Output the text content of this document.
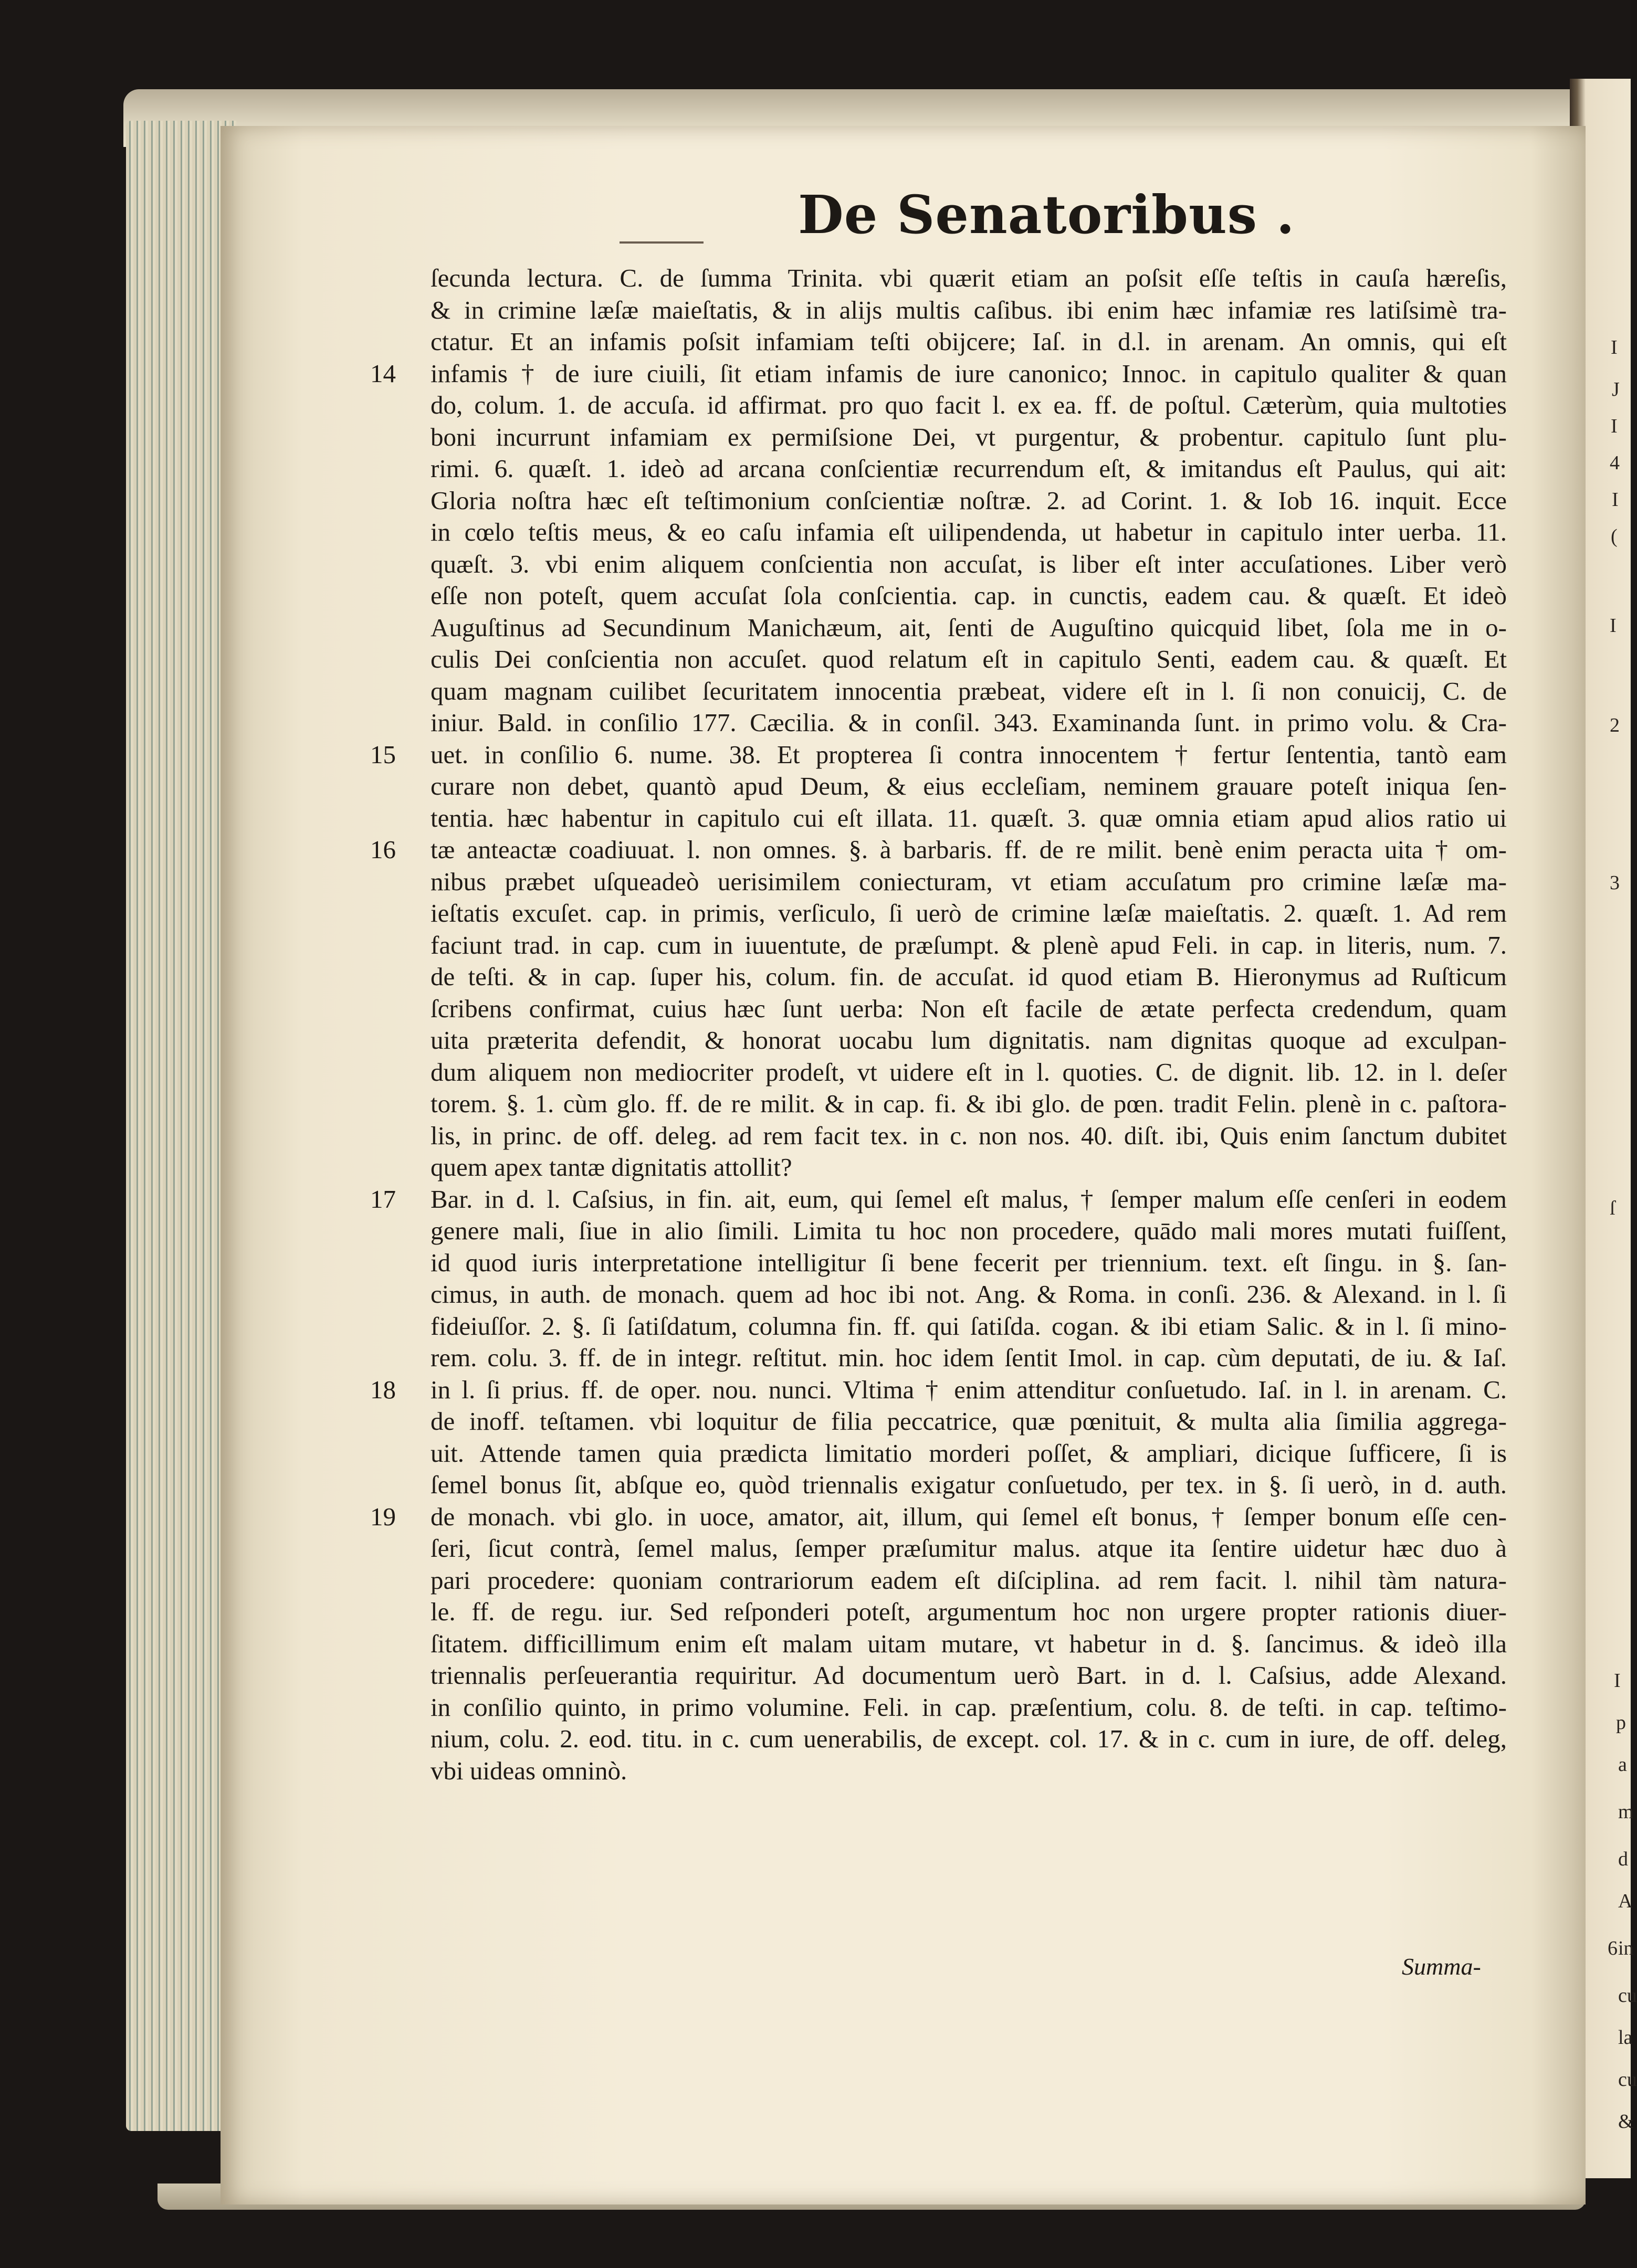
De Senatoribus .
ſecunda lectura. C. de ſumma Trinita. vbi quærit etiam an poſsit eſſe teſtis in cauſa hæreſis,
& in crimine læſæ maieſtatis, & in alijs multis caſibus. ibi enim hæc infamiæ res latiſsimè tra-
ctatur. Et an infamis poſsit infamiam teſti obijcere; Iaſ. in d.l. in arenam. An omnis, qui eſt
infamis † de iure ciuili, ſit etiam infamis de iure canonico; Innoc. in capitulo qualiter & quan
14
do, colum. 1. de accuſa. id affirmat. pro quo facit l. ex ea. ff. de poſtul. Cæterùm, quia multoties
boni incurrunt infamiam ex permiſsione Dei, vt purgentur, & probentur. capitulo ſunt plu-
rimi. 6. quæſt. 1. ideò ad arcana conſcientiæ recurrendum eſt, & imitandus eſt Paulus, qui ait:
Gloria noſtra hæc eſt teſtimonium conſcientiæ noſtræ. 2. ad Corint. 1. & Iob 16. inquit. Ecce
in cœlo teſtis meus, & eo caſu infamia eſt uilipendenda, ut habetur in capitulo inter uerba. 11.
quæſt. 3. vbi enim aliquem conſcientia non accuſat, is liber eſt inter accuſationes. Liber verò
eſſe non poteſt, quem accuſat ſola conſcientia. cap. in cunctis, eadem cau. & quæſt. Et ideò
Auguſtinus ad Secundinum Manichæum, ait, ſenti de Auguſtino quicquid libet, ſola me in o-
culis Dei conſcientia non accuſet. quod relatum eſt in capitulo Senti, eadem cau. & quæſt. Et
quam magnam cuilibet ſecuritatem innocentia præbeat, videre eſt in l. ſi non conuicij, C. de
iniur. Bald. in conſilio 177. Cæcilia. & in conſil. 343. Examinanda ſunt. in primo volu. & Cra-
uet. in conſilio 6. nume. 38. Et propterea ſi contra innocentem † fertur ſententia, tantò eam
15
curare non debet, quantò apud Deum, & eius eccleſiam, neminem grauare poteſt iniqua ſen-
tentia. hæc habentur in capitulo cui eſt illata. 11. quæſt. 3. quæ omnia etiam apud alios ratio ui
tæ anteactæ coadiuuat. l. non omnes. §. à barbaris. ff. de re milit. benè enim peracta uita † om-
16
nibus præbet uſqueadeò uerisimilem coniecturam, vt etiam accuſatum pro crimine læſæ ma-
ieſtatis excuſet. cap. in primis, verſiculo, ſi uerò de crimine læſæ maieſtatis. 2. quæſt. 1. Ad rem
faciunt trad. in cap. cum in iuuentute, de præſumpt. & plenè apud Feli. in cap. in literis, num. 7.
de teſti. & in cap. ſuper his, colum. fin. de accuſat. id quod etiam B. Hieronymus ad Ruſticum
ſcribens confirmat, cuius hæc ſunt uerba: Non eſt facile de ætate perfecta credendum, quam
uita præterita defendit, & honorat uocabu lum dignitatis. nam dignitas quoque ad exculpan-
dum aliquem non mediocriter prodeſt, vt uidere eſt in l. quoties. C. de dignit. lib. 12. in l. deſer
torem. §. 1. cùm glo. ff. de re milit. & in cap. fi. & ibi glo. de pœn. tradit Felin. plenè in c. paſtora-
lis, in princ. de off. deleg. ad rem facit tex. in c. non nos. 40. diſt. ibi, Quis enim ſanctum dubitet
quem apex tantæ dignitatis attollit?
Bar. in d. l. Caſsius, in fin. ait, eum, qui ſemel eſt malus, † ſemper malum eſſe cenſeri in eodem
17
genere mali, ſiue in alio ſimili. Limita tu hoc non procedere, quādo mali mores mutati fuiſſent,
id quod iuris interpretatione intelligitur ſi bene fecerit per triennium. text. eſt ſingu. in §. ſan-
cimus, in auth. de monach. quem ad hoc ibi not. Ang. & Roma. in conſi. 236. & Alexand. in l. ſi
fideiuſſor. 2. §. ſi ſatiſdatum, columna fin. ff. qui ſatiſda. cogan. & ibi etiam Salic. & in l. ſi mino-
rem. colu. 3. ff. de in integr. reſtitut. min. hoc idem ſentit Imol. in cap. cùm deputati, de iu. & Iaſ.
in l. ſi prius. ff. de oper. nou. nunci. Vltima † enim attenditur conſuetudo. Iaſ. in l. in arenam. C.
18
de inoff. teſtamen. vbi loquitur de filia peccatrice, quæ pœnituit, & multa alia ſimilia aggrega-
uit. Attende tamen quia prædicta limitatio morderi poſſet, & ampliari, dicique ſufficere, ſi is
ſemel bonus ſit, abſque eo, quòd triennalis exigatur conſuetudo, per tex. in §. ſi uerò, in d. auth.
de monach. vbi glo. in uoce, amator, ait, illum, qui ſemel eſt bonus, † ſemper bonum eſſe cen-
19
ſeri, ſicut contrà, ſemel malus, ſemper præſumitur malus. atque ita ſentire uidetur hæc duo à
pari procedere: quoniam contrariorum eadem eſt diſciplina. ad rem facit. l. nihil tàm natura-
le. ff. de regu. iur. Sed reſponderi poteſt, argumentum hoc non urgere propter rationis diuer-
ſitatem. difficillimum enim eſt malam uitam mutare, vt habetur in d. §. ſancimus. & ideò illa
triennalis perſeuerantia requiritur. Ad documentum uerò Bart. in d. l. Caſsius, adde Alexand.
in conſilio quinto, in primo volumine. Feli. in cap. præſentium, colu. 8. de teſti. in cap. teſtimo-
nium, colu. 2. eod. titu. in c. cum uenerabilis, de except. col. 17. & in c. cum in iure, de off. deleg,
vbi uideas omninò.
Summa-
I
J
I
4
I
(
I
2
3
ſ
I
p
a
m
d
A
in
cu
la
cu
&
6
